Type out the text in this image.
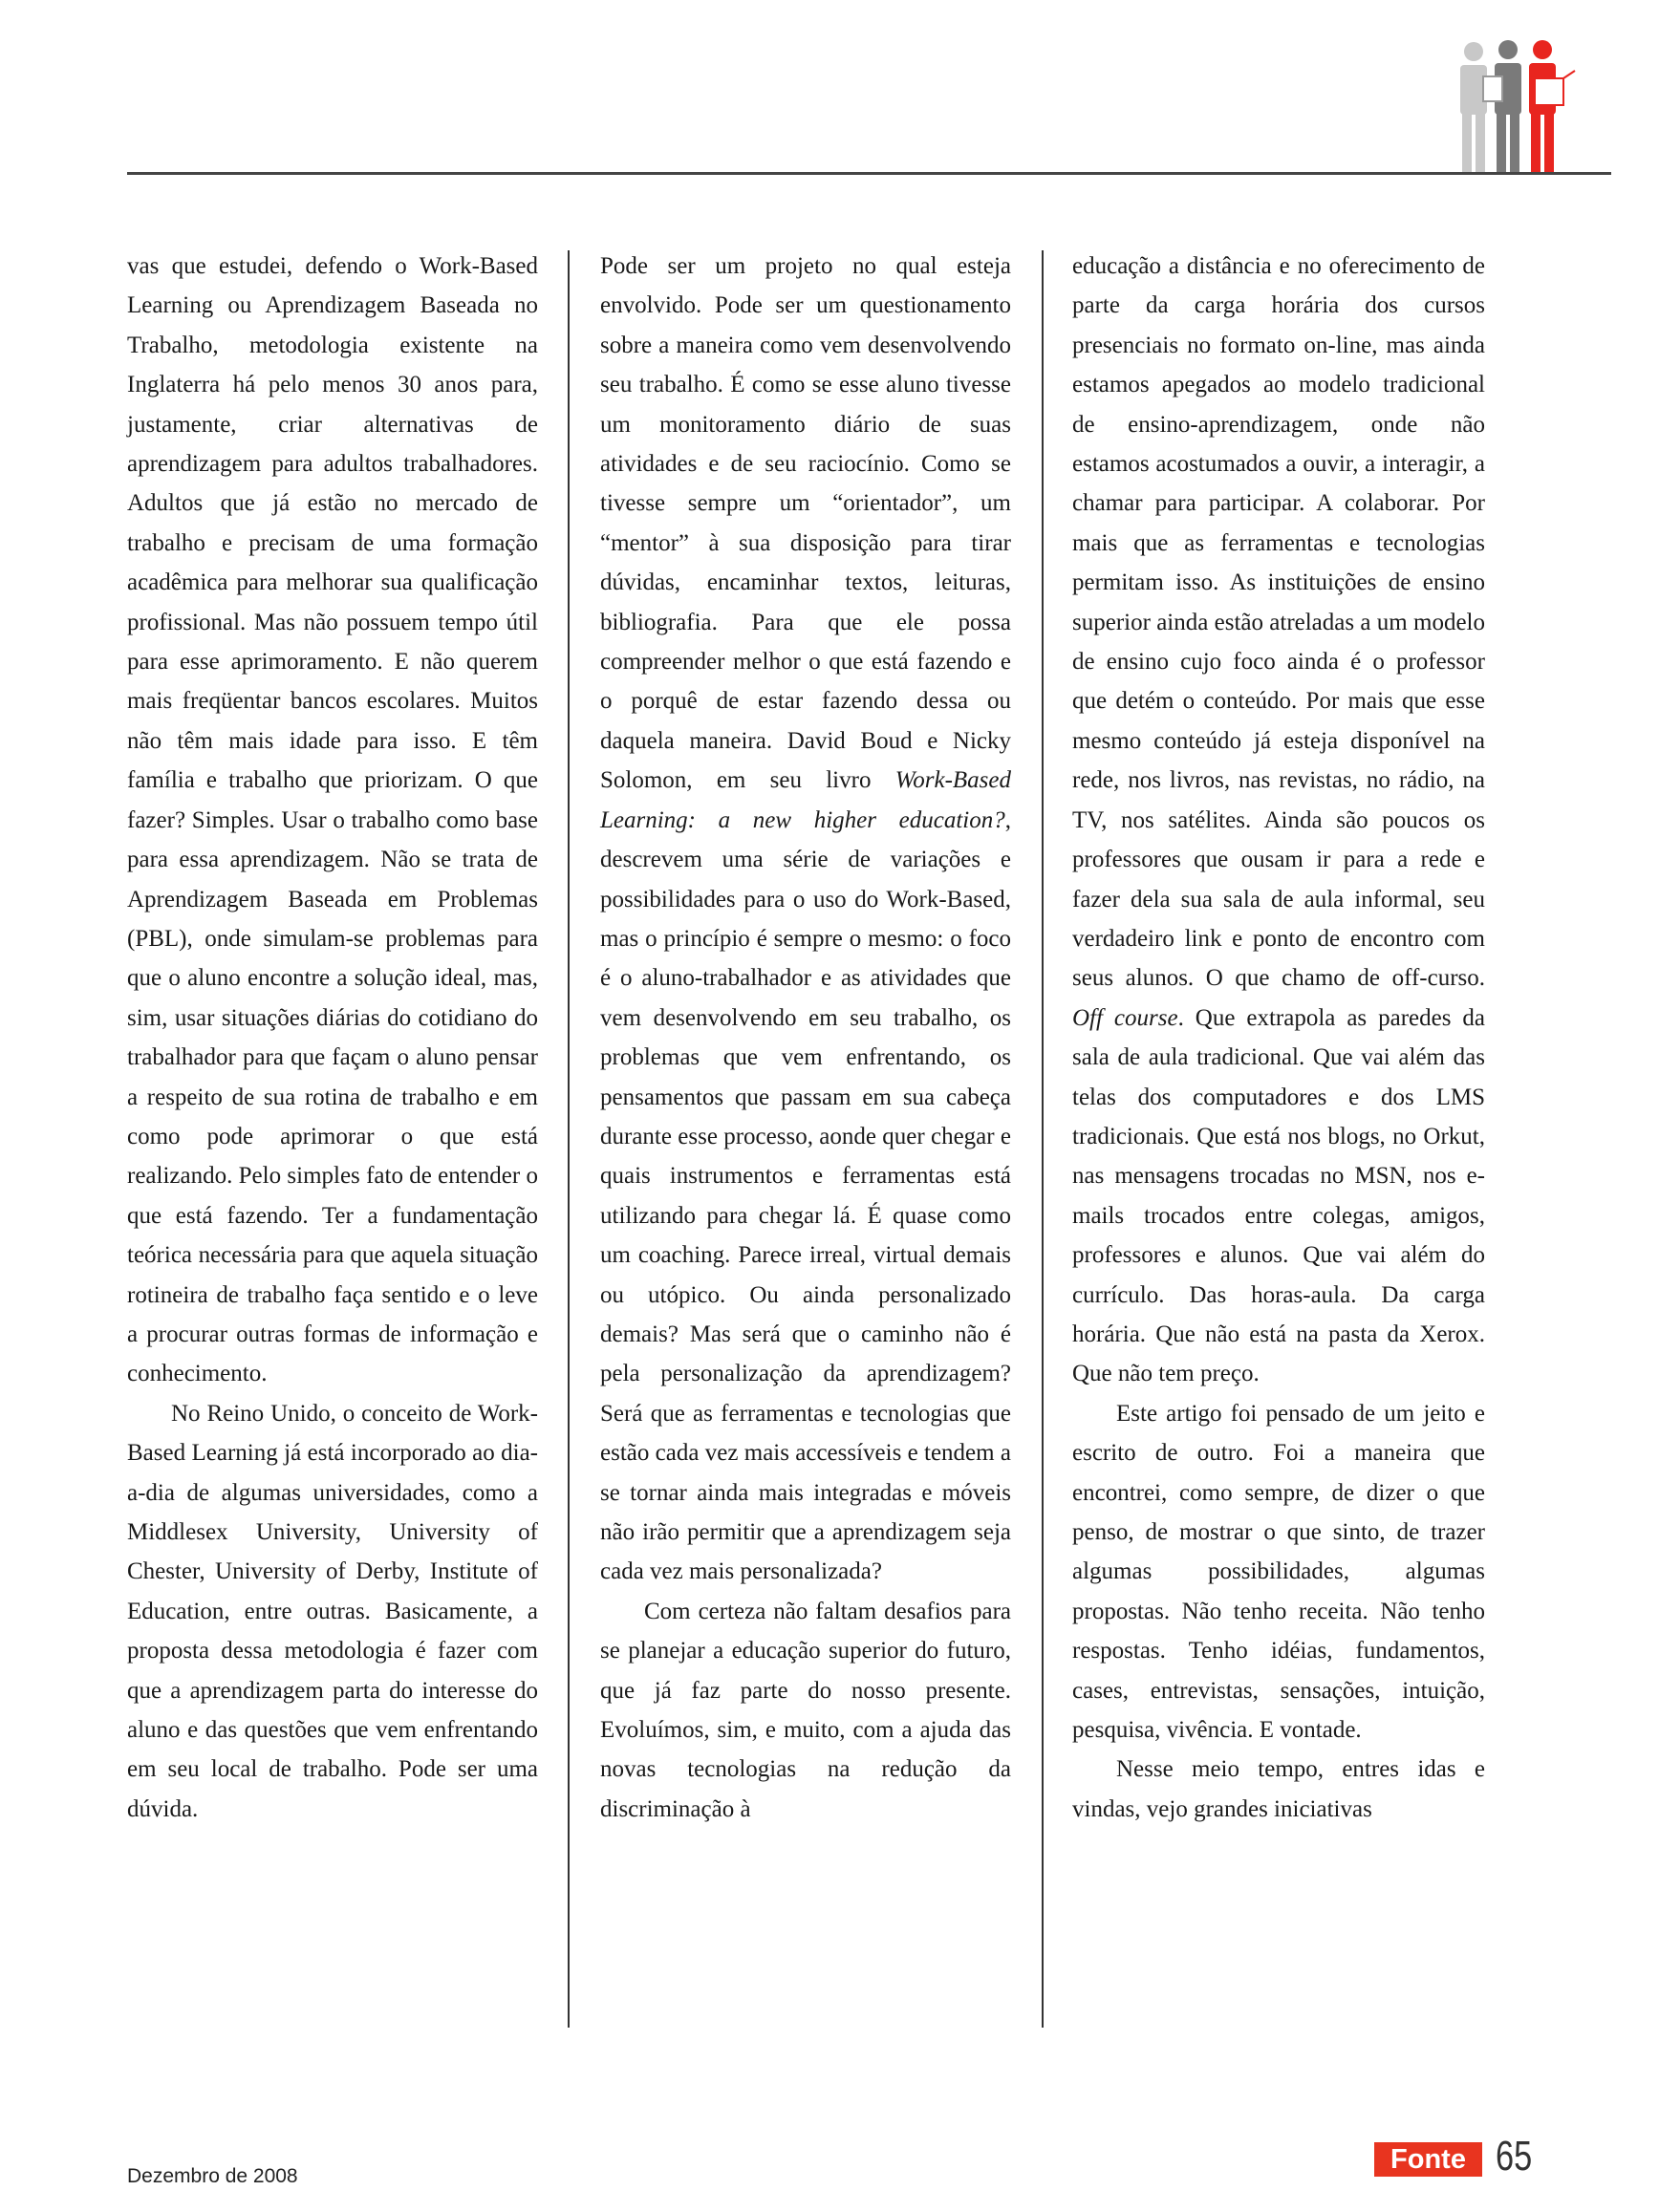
vas que estudei, defendo o Work-Based Learning ou Aprendizagem Baseada no Trabalho, metodologia existente na Inglaterra há pelo menos 30 anos para, justamente, criar alternativas de aprendizagem para adultos trabalhadores. Adultos que já estão no mercado de trabalho e precisam de uma formação acadêmica para melhorar sua qualificação profissional. Mas não possuem tempo útil para esse aprimoramento. E não querem mais freqüentar bancos escolares. Muitos não têm mais idade para isso. E têm família e trabalho que priorizam. O que fazer? Simples. Usar o trabalho como base para essa aprendizagem. Não se trata de Aprendizagem Baseada em Problemas (PBL), onde simulam-se problemas para que o aluno encontre a solução ideal, mas, sim, usar situações diárias do cotidiano do trabalhador para que façam o aluno pensar a respeito de sua rotina de trabalho e em como pode aprimorar o que está realizando. Pelo simples fato de entender o que está fazendo. Ter a fundamentação teórica necessária para que aquela situação rotineira de trabalho faça sentido e o leve a procurar outras formas de informação e conhecimento.

No Reino Unido, o conceito de Work-Based Learning já está incorporado ao dia-a-dia de algumas universidades, como a Middlesex University, University of Chester, University of Derby, Institute of Education, entre outras. Basicamente, a proposta dessa metodologia é fazer com que a aprendizagem parta do interesse do aluno e das questões que vem enfrentando em seu local de trabalho. Pode ser uma dúvida.

Pode ser um projeto no qual esteja envolvido. Pode ser um questionamento sobre a maneira como vem desenvolvendo seu trabalho. É como se esse aluno tivesse um monitoramento diário de suas atividades e de seu raciocínio. Como se tivesse sempre um “orientador”, um “mentor” à sua disposição para tirar dúvidas, encaminhar textos, leituras, bibliografia. Para que ele possa compreender melhor o que está fazendo e o porquê de estar fazendo dessa ou daquela maneira. David Boud e Nicky Solomon, em seu livro Work-Based Learning: a new higher education?, descrevem uma série de variações e possibilidades para o uso do Work-Based, mas o princípio é sempre o mesmo: o foco é o aluno-trabalhador e as atividades que vem desenvolvendo em seu trabalho, os problemas que vem enfrentando, os pensamentos que passam em sua cabeça durante esse processo, aonde quer chegar e quais instrumentos e ferramentas está utilizando para chegar lá. É quase como um coaching. Parece irreal, virtual demais ou utópico. Ou ainda personalizado demais? Mas será que o caminho não é pela personalização da aprendizagem? Será que as ferramentas e tecnologias que estão cada vez mais accessíveis e tendem a se tornar ainda mais integradas e móveis não irão permitir que a aprendizagem seja cada vez mais personalizada?

Com certeza não faltam desafios para se planejar a educação superior do futuro, que já faz parte do nosso presente. Evoluímos, sim, e muito, com a ajuda das novas tecnologias na redução da discriminação à

educação a distância e no oferecimento de parte da carga horária dos cursos presenciais no formato on-line, mas ainda estamos apegados ao modelo tradicional de ensino-aprendizagem, onde não estamos acostumados a ouvir, a interagir, a chamar para participar. A colaborar. Por mais que as ferramentas e tecnologias permitam isso. As instituições de ensino superior ainda estão atreladas a um modelo de ensino cujo foco ainda é o professor que detém o conteúdo. Por mais que esse mesmo conteúdo já esteja disponível na rede, nos livros, nas revistas, no rádio, na TV, nos satélites. Ainda são poucos os professores que ousam ir para a rede e fazer dela sua sala de aula informal, seu verdadeiro link e ponto de encontro com seus alunos. O que chamo de off-curso. Off course. Que extrapola as paredes da sala de aula tradicional. Que vai além das telas dos computadores e dos LMS tradicionais. Que está nos blogs, no Orkut, nas mensagens trocadas no MSN, nos e-mails trocados entre colegas, amigos, professores e alunos. Que vai além do currículo. Das horas-aula. Da carga horária. Que não está na pasta da Xerox. Que não tem preço.

Este artigo foi pensado de um jeito e escrito de outro. Foi a maneira que encontrei, como sempre, de dizer o que penso, de mostrar o que sinto, de trazer algumas possibilidades, algumas propostas. Não tenho receita. Não tenho respostas. Tenho idéias, fundamentos, cases, entrevistas, sensações, intuição, pesquisa, vivência. E vontade.

Nesse meio tempo, entres idas e vindas, vejo grandes iniciativas

Dezembro de 2008
Fonte 65
